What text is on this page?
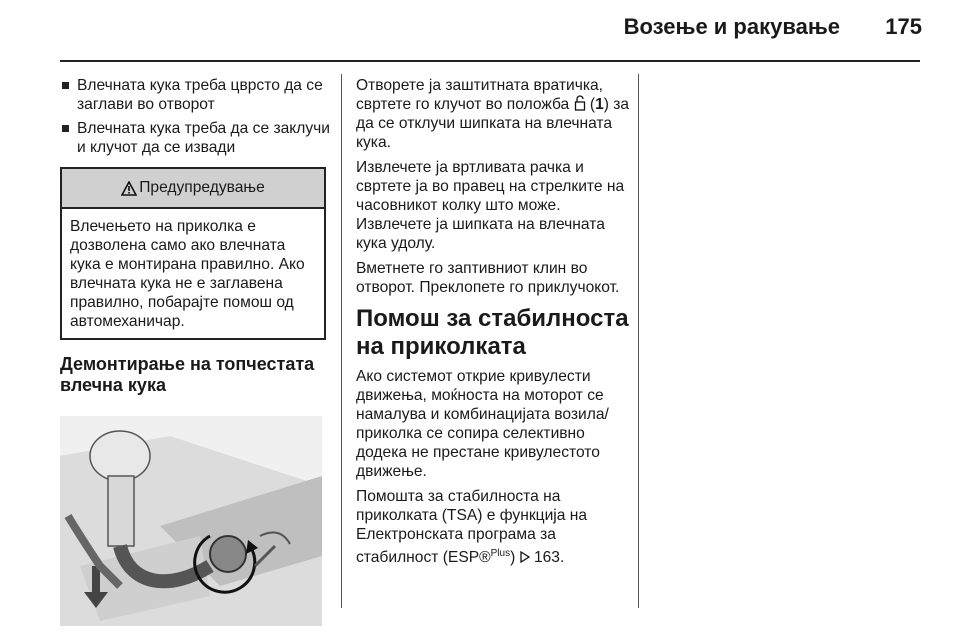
Возење и ракување 175
Влечната кука треба цврсто да се заглави во отворот
Влечната кука треба да се заклучи и клучот да се извади
Предупредување
Влечењето на приколка е дозволена само ако влечната кука е монтирана правилно. Ако влечната кука не е заглавена правилно, побарајте помош од автомеханичар.
Демонтирање на топчестата влечна кука

Отворете ја заштитната вратичка, свртете го клучот во положба  (1) за да се отклучи шипката на влечната кука.

Извлечете ја вртливата рачка и свртете ја во правец на стрелките на часовникот колку што може. Извлечете ја шипката на влечната кука удолу.

Вметнете го заптивниот клин во отворот. Преклопете го приклучокот.

Помош за стабилноста на приколката

Ако системот открие кривулести движења, моќноста на моторот се намалува и комбинацијата возила/приколка се сопира селективно додека не престане кривулестото движење.

Помошта за стабилноста на приколката (TSA) е функција на Електронската програма за стабилност (ESP®$^{Plus}$)  163.
